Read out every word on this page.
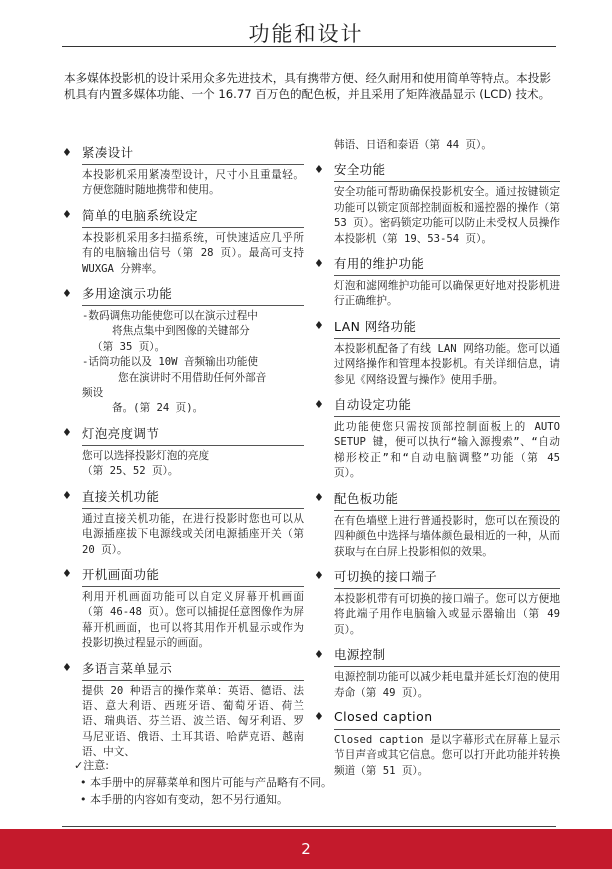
功能和设计
本多媒体投影机的设计采用众多先进技术，具有携带方便、经久耐用和使用简单等特点。本投影机具有内置多媒体功能、一个 16.77 百万色的配色板，并且采用了矩阵液晶显示 (LCD) 技术。
♦ 紧凑设计
本投影机采用紧凑型设计，尺寸小且重量轻。方便您随时随地携带和使用。
♦ 简单的电脑系统设定
本投影机采用多扫描系统，可快速适应几乎所有的电脑输出信号（第 28 页）。最高可支持 WUXGA 分辨率。
♦ 多用途演示功能

-数码调焦功能使您可以在演示过程中

将焦点集中到图像的关键部分

（第 35 页）。

-话筒功能以及 10W 音频输出功能使

您在演讲时不用借助任何外部音

频设

备。(第 24 页)。

♦ 灯泡亮度调节

您可以选择投影灯泡的亮度

（第 25、52 页）。

♦ 直接关机功能
通过直接关机功能，在进行投影时您也可以从电源插座拔下电源线或关闭电源插座开关（第 20 页）。
♦ 开机画面功能
利用开机画面功能可以自定义屏幕开机画面（第 46-48 页）。您可以捕捉任意图像作为屏幕开机画面，也可以将其用作开机显示或作为投影切换过程显示的画面。
♦ 多语言菜单显示
提供 20 种语言的操作菜单：英语、德语、法语、意大利语、西班牙语、葡萄牙语、荷兰语、瑞典语、芬兰语、波兰语、匈牙利语、罗马尼亚语、俄语、土耳其语、哈萨克语、越南语、中文、
韩语、日语和泰语（第 44 页）。
♦ 安全功能
安全功能可帮助确保投影机安全。通过按键锁定功能可以锁定顶部控制面板和遥控器的操作（第 53 页）。密码锁定功能可以防止未受权人员操作本投影机（第 19、53-54 页）。
♦ 有用的维护功能
灯泡和滤网维护功能可以确保更好地对投影机进行正确维护。
♦ LAN 网络功能
本投影机配备了有线 LAN 网络功能。您可以通过网络操作和管理本投影机。有关详细信息，请参见《网络设置与操作》使用手册。
♦ 自动设定功能
此功能使您只需按顶部控制面板上的 AUTO SETUP 键，便可以执行“输入源搜索”、“自动梯形校正”和“自动电脑调整”功能（第 45 页）。
♦ 配色板功能
在有色墙壁上进行普通投影时，您可以在预设的四种颜色中选择与墙体颜色最相近的一种，从而获取与在白屏上投影相似的效果。
♦ 可切换的接口端子
本投影机带有可切换的接口端子。您可以方便地将此端子用作电脑输入或显示器输出（第 49 页）。
♦ 电源控制
电源控制功能可以减少耗电量并延长灯泡的使用寿命（第 49 页）。
♦ Closed caption
Closed caption 是以字幕形式在屏幕上显示节目声音或其它信息。您可以打开此功能并转换频道（第 51 页）。
✓注意:
• 本手册中的屏幕菜单和图片可能与产品略有不同。
• 本手册的内容如有变动，恕不另行通知。
2
